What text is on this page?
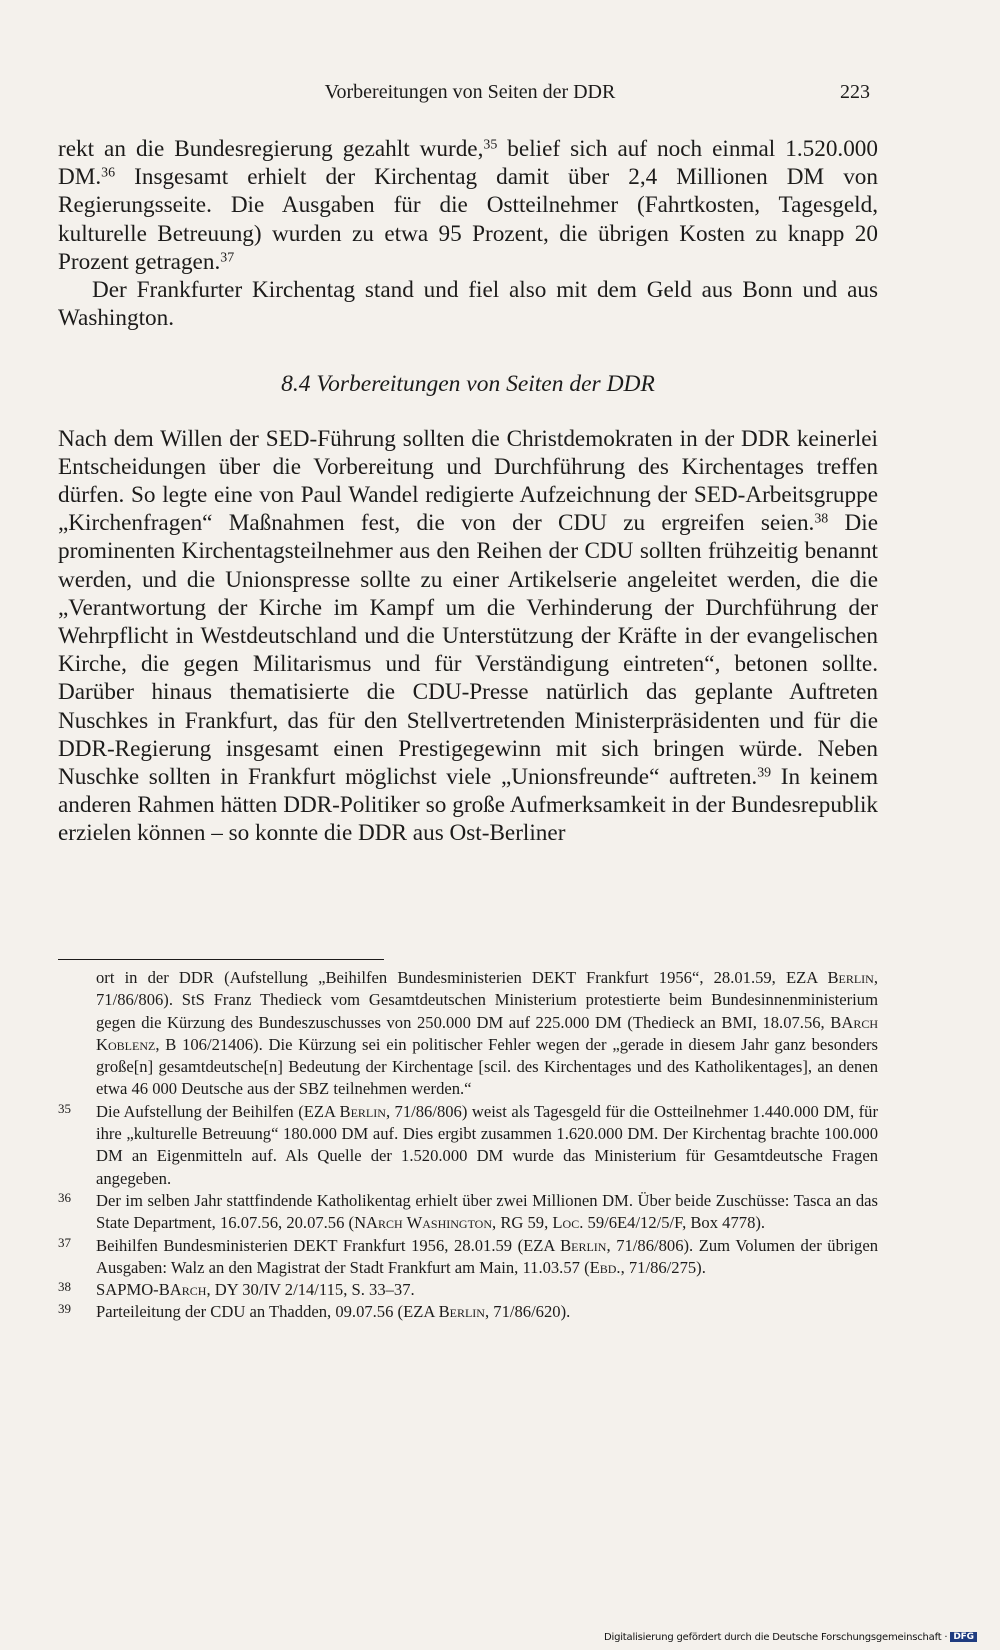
Vorbereitungen von Seiten der DDR	223

rekt an die Bundesregierung gezahlt wurde,$^{35}$ belief sich auf noch einmal 1.520.000 DM.$^{36}$ Insgesamt erhielt der Kirchentag damit über 2,4 Millionen DM von Regierungsseite. Die Ausgaben für die Ostteilnehmer (Fahrtkosten, Tagesgeld, kulturelle Betreuung) wurden zu etwa 95 Prozent, die übrigen Kosten zu knapp 20 Prozent getragen.$^{37}$

Der Frankfurter Kirchentag stand und fiel also mit dem Geld aus Bonn und aus Washington.

8.4 Vorbereitungen von Seiten der DDR

Nach dem Willen der SED-Führung sollten die Christdemokraten in der DDR keinerlei Entscheidungen über die Vorbereitung und Durchführung des Kirchentages treffen dürfen. So legte eine von Paul Wandel redigierte Aufzeichnung der SED-Arbeitsgruppe „Kirchenfragen“ Maßnahmen fest, die von der CDU zu ergreifen seien.$^{38}$ Die prominenten Kirchentagsteilnehmer aus den Reihen der CDU sollten frühzeitig benannt werden, und die Unionspresse sollte zu einer Artikelserie angeleitet werden, die die „Verantwortung der Kirche im Kampf um die Verhinderung der Durchführung der Wehrpflicht in Westdeutschland und die Unterstützung der Kräfte in der evangelischen Kirche, die gegen Militarismus und für Verständigung eintreten“, betonen sollte. Darüber hinaus thematisierte die CDU-Presse natürlich das geplante Auftreten Nuschkes in Frankfurt, das für den Stellvertretenden Ministerpräsidenten und für die DDR-Regierung insgesamt einen Prestigegewinn mit sich bringen würde. Neben Nuschke sollten in Frankfurt möglichst viele „Unionsfreunde“ auftreten.$^{39}$ In keinem anderen Rahmen hätten DDR-Politiker so große Aufmerksamkeit in der Bundesrepublik erzielen können – so konnte die DDR aus Ost-Berliner

ort in der DDR (Aufstellung „Beihilfen Bundesministerien DEKT Frankfurt 1956“, 28.01.59, EZA Berlin, 71/86/806). StS Franz Thedieck vom Gesamtdeutschen Ministerium protestierte beim Bundesinnenministerium gegen die Kürzung des Bundeszuschusses von 250.000 DM auf 225.000 DM (Thedieck an BMI, 18.07.56, BArch Koblenz, B 106/21406). Die Kürzung sei ein politischer Fehler wegen der „gerade in diesem Jahr ganz besonders große[n] gesamtdeutsche[n] Bedeutung der Kirchentage [scil. des Kirchentages und des Katholikentages], an denen etwa 46 000 Deutsche aus der SBZ teilnehmen werden.“

35 Die Aufstellung der Beihilfen (EZA Berlin, 71/86/806) weist als Tagesgeld für die Ostteilnehmer 1.440.000 DM, für ihre „kulturelle Betreuung“ 180.000 DM auf. Dies ergibt zusammen 1.620.000 DM. Der Kirchentag brachte 100.000 DM an Eigenmitteln auf. Als Quelle der 1.520.000 DM wurde das Ministerium für Gesamtdeutsche Fragen angegeben.

36 Der im selben Jahr stattfindende Katholikentag erhielt über zwei Millionen DM. Über beide Zuschüsse: Tasca an das State Department, 16.07.56, 20.07.56 (NArch Washington, RG 59, Loc. 59/6E4/12/5/F, Box 4778).

37 Beihilfen Bundesministerien DEKT Frankfurt 1956, 28.01.59 (EZA Berlin, 71/86/806). Zum Volumen der übrigen Ausgaben: Walz an den Magistrat der Stadt Frankfurt am Main, 11.03.57 (Ebd., 71/86/275).

38 SAPMO-BArch, DY 30/IV 2/14/115, S. 33–37.

39 Parteileitung der CDU an Thadden, 09.07.56 (EZA Berlin, 71/86/620).

Digitalisierung gefördert durch die Deutsche Forschungsgemeinschaft · DFG
